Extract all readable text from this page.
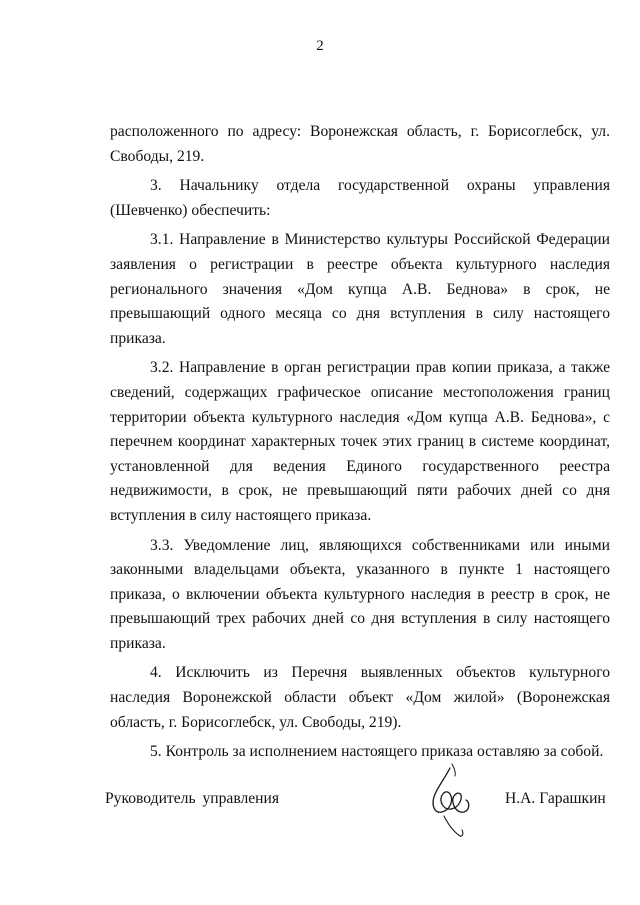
2

расположенного по адресу: Воронежская область, г. Борисоглебск, ул. Свободы, 219.

3. Начальнику отдела государственной охраны управления (Шевченко) обеспечить:

3.1. Направление в Министерство культуры Российской Федерации заявления о регистрации в реестре объекта культурного наследия регионального значения «Дом купца А.В. Беднова» в срок, не превышающий одного месяца со дня вступления в силу настоящего приказа.

3.2. Направление в орган регистрации прав копии приказа, а также сведений, содержащих графическое описание местоположения границ территории объекта культурного наследия «Дом купца А.В. Беднова», с перечнем координат характерных точек этих границ в системе координат, установленной для ведения Единого государственного реестра недвижимости, в срок, не превышающий пяти рабочих дней со дня вступления в силу настоящего приказа.

3.3. Уведомление лиц, являющихся собственниками или иными законными владельцами объекта, указанного в пункте 1 настоящего приказа, о включении объекта культурного наследия в реестр в срок, не превышающий трех рабочих дней со дня вступления в силу настоящего приказа.

4. Исключить из Перечня выявленных объектов культурного наследия Воронежской области объект «Дом жилой» (Воронежская область, г. Борисоглебск, ул. Свободы, 219).

5. Контроль за исполнением настоящего приказа оставляю за собой.

Руководитель управления	Н.А. Гарашкин
